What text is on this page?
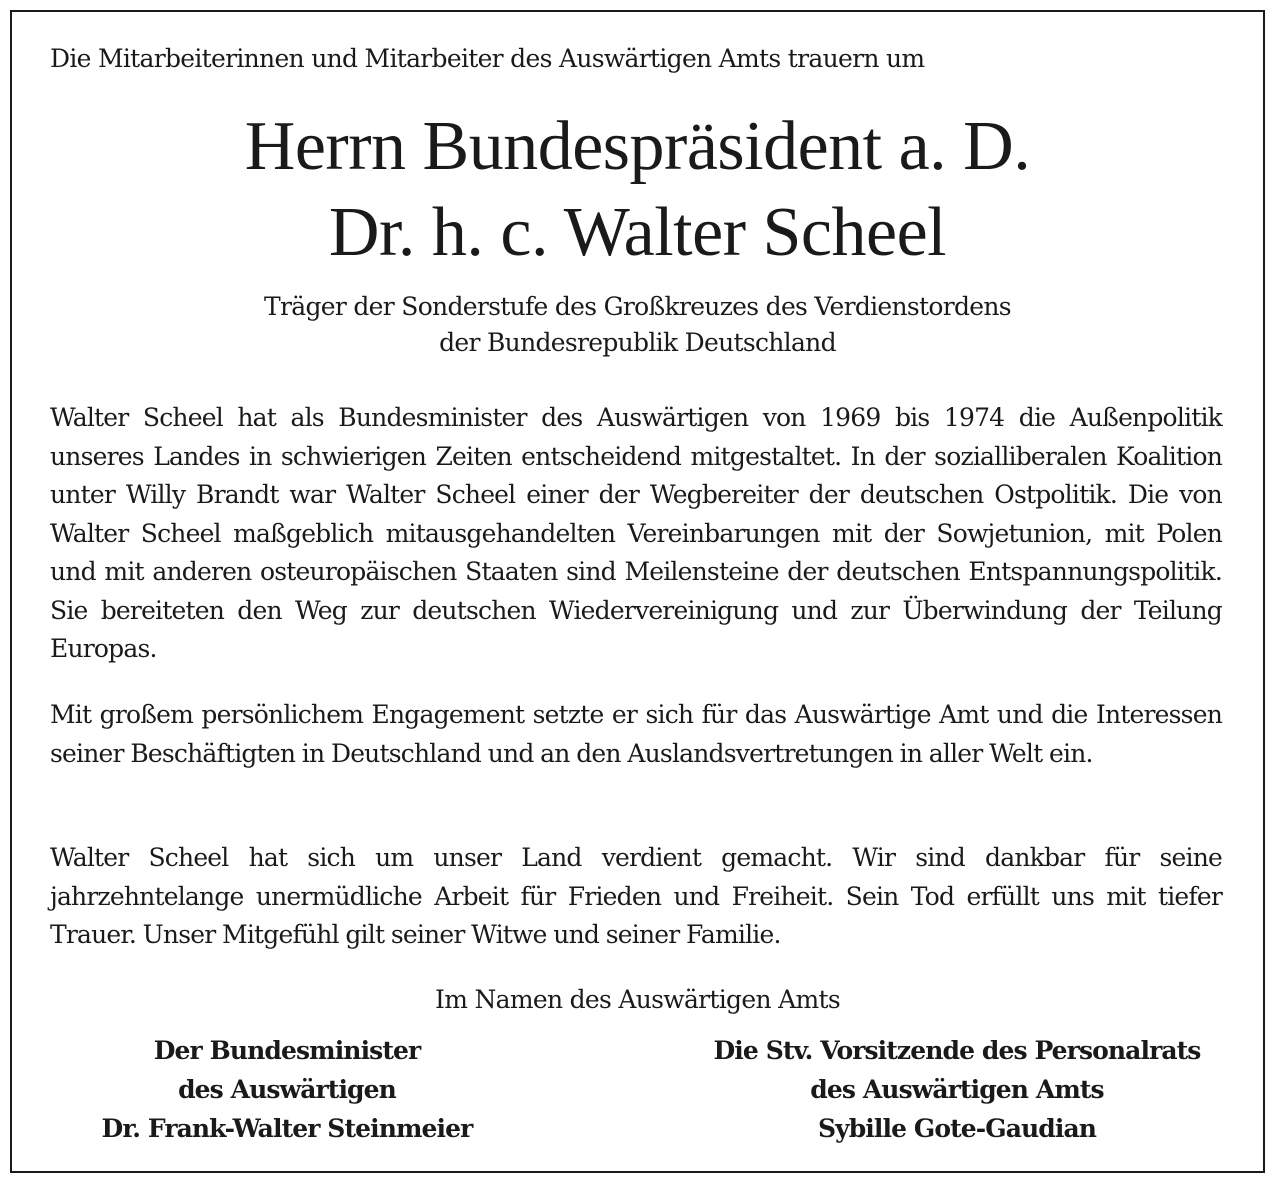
Die Mitarbeiterinnen und Mitarbeiter des Auswärtigen Amts trauern um
Herrn Bundespräsident a. D.
Dr. h. c. Walter Scheel
Träger der Sonderstufe des Großkreuzes des Verdienstordens
der Bundesrepublik Deutschland

Walter Scheel hat als Bundesminister des Auswärtigen von 1969 bis 1974 die Außenpolitik unseres Landes in schwierigen Zeiten entscheidend mitgestaltet. In der sozialliberalen Koalition unter Willy Brandt war Walter Scheel einer der Wegbereiter der deutschen Ostpolitik. Die von Walter Scheel maßgeblich mitausgehandelten Vereinbarungen mit der Sowjetunion, mit Polen und mit anderen osteuropäischen Staaten sind Meilensteine der deutschen Entspannungspolitik. Sie bereiteten den Weg zur deutschen Wiedervereinigung und zur Überwindung der Teilung Europas.

Mit großem persönlichem Engagement setzte er sich für das Auswärtige Amt und die Interessen seiner Beschäftigten in Deutschland und an den Auslandsvertretungen in aller Welt ein.

Walter Scheel hat sich um unser Land verdient gemacht. Wir sind dankbar für seine jahrzehntelange unermüdliche Arbeit für Frieden und Freiheit. Sein Tod erfüllt uns mit tiefer Trauer. Unser Mitgefühl gilt seiner Witwe und seiner Familie.

Im Namen des Auswärtigen Amts
Der Bundesminister
des Auswärtigen
Dr. Frank-Walter Steinmeier
Die Stv. Vorsitzende des Personalrats
des Auswärtigen Amts
Sybille Gote-Gaudian
